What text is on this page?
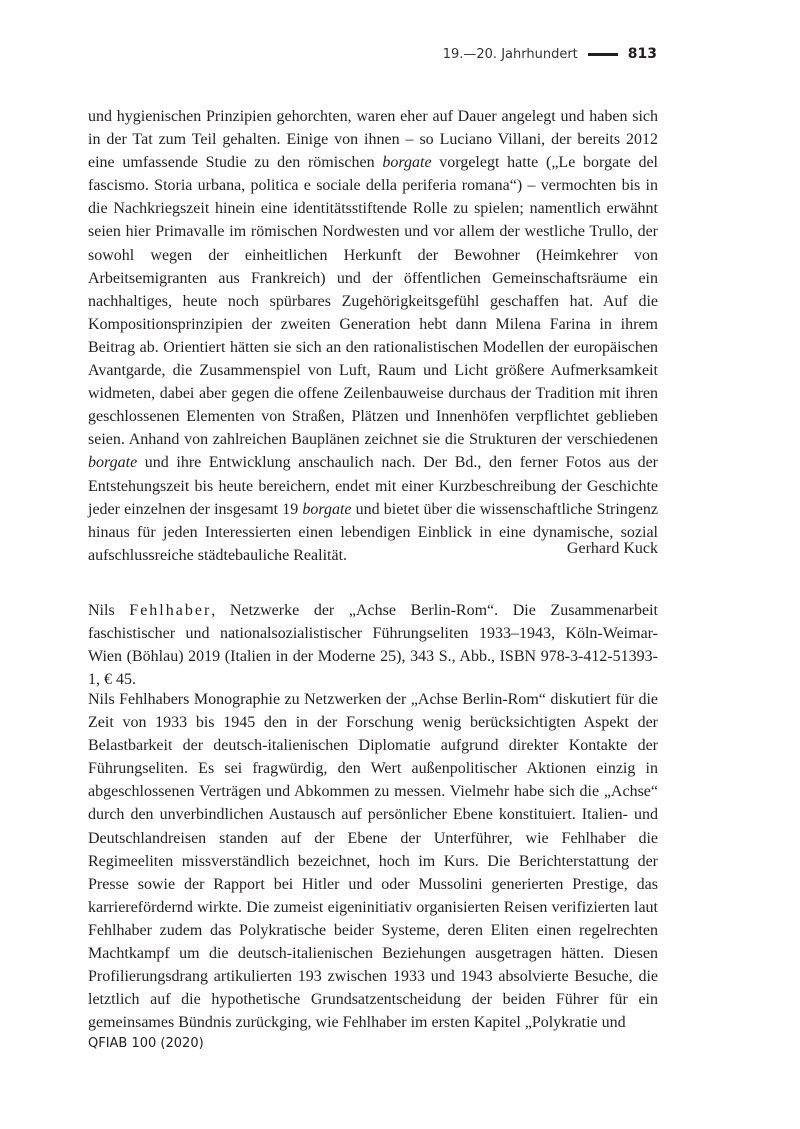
19.—20. Jahrhundert	813

und hygienischen Prinzipien gehorchten, waren eher auf Dauer angelegt und haben sich in der Tat zum Teil gehalten. Einige von ihnen – so Luciano Villani, der bereits 2012 eine umfassende Studie zu den römischen borgate vorgelegt hatte („Le borgate del fascismo. Storia urbana, politica e sociale della periferia romana“) – vermochten bis in die Nachkriegszeit hinein eine identitätsstiftende Rolle zu spielen; namentlich erwähnt seien hier Primavalle im römischen Nordwesten und vor allem der westliche Trullo, der sowohl wegen der einheitlichen Herkunft der Bewohner (Heimkehrer von Arbeitsemigranten aus Frankreich) und der öffentlichen Gemeinschaftsräume ein nachhaltiges, heute noch spürbares Zugehörigkeitsgefühl geschaffen hat. Auf die Kompositionsprinzipien der zweiten Generation hebt dann Milena Farina in ihrem Beitrag ab. Orientiert hätten sie sich an den rationalistischen Modellen der europäischen Avantgarde, die Zusammenspiel von Luft, Raum und Licht größere Aufmerksamkeit widmeten, dabei aber gegen die offene Zeilenbauweise durchaus der Tradition mit ihren geschlossenen Elementen von Straßen, Plätzen und Innenhöfen verpflichtet geblieben seien. Anhand von zahlreichen Bauplänen zeichnet sie die Strukturen der verschiedenen borgate und ihre Entwicklung anschaulich nach. Der Bd., den ferner Fotos aus der Entstehungszeit bis heute bereichern, endet mit einer Kurzbeschreibung der Geschichte jeder einzelnen der insgesamt 19 borgate und bietet über die wissenschaftliche Stringenz hinaus für jeden Interessierten einen lebendigen Einblick in eine dynamische, sozial aufschlussreiche städtebauliche Realität.	Gerhard Kuck

Nils Fehlhaber, Netzwerke der „Achse Berlin-Rom“. Die Zusammenarbeit faschistischer und nationalsozialistischer Führungseliten 1933–1943, Köln-Weimar-Wien (Böhlau) 2019 (Italien in der Moderne 25), 343 S., Abb., ISBN 978-3-412-51393-1, € 45.

Nils Fehlhabers Monographie zu Netzwerken der „Achse Berlin-Rom“ diskutiert für die Zeit von 1933 bis 1945 den in der Forschung wenig berücksichtigten Aspekt der Belastbarkeit der deutsch-italienischen Diplomatie aufgrund direkter Kontakte der Führungseliten. Es sei fragwürdig, den Wert außenpolitischer Aktionen einzig in abgeschlossenen Verträgen und Abkommen zu messen. Vielmehr habe sich die „Achse“ durch den unverbindlichen Austausch auf persönlicher Ebene konstituiert. Italien- und Deutschlandreisen standen auf der Ebene der Unterführer, wie Fehlhaber die Regimeeliten missverständlich bezeichnet, hoch im Kurs. Die Berichterstattung der Presse sowie der Rapport bei Hitler und oder Mussolini generierten Prestige, das karrierefördernd wirkte. Die zumeist eigeninitiativ organisierten Reisen verifizierten laut Fehlhaber zudem das Polykratische beider Systeme, deren Eliten einen regelrechten Machtkampf um die deutsch-italienischen Beziehungen ausgetragen hätten. Diesen Profilierungsdrang artikulierten 193 zwischen 1933 und 1943 absolvierte Besuche, die letztlich auf die hypothetische Grundsatzentscheidung der beiden Führer für ein gemeinsames Bündnis zurückging, wie Fehlhaber im ersten Kapitel „Polykratie und

QFIAB 100 (2020)
